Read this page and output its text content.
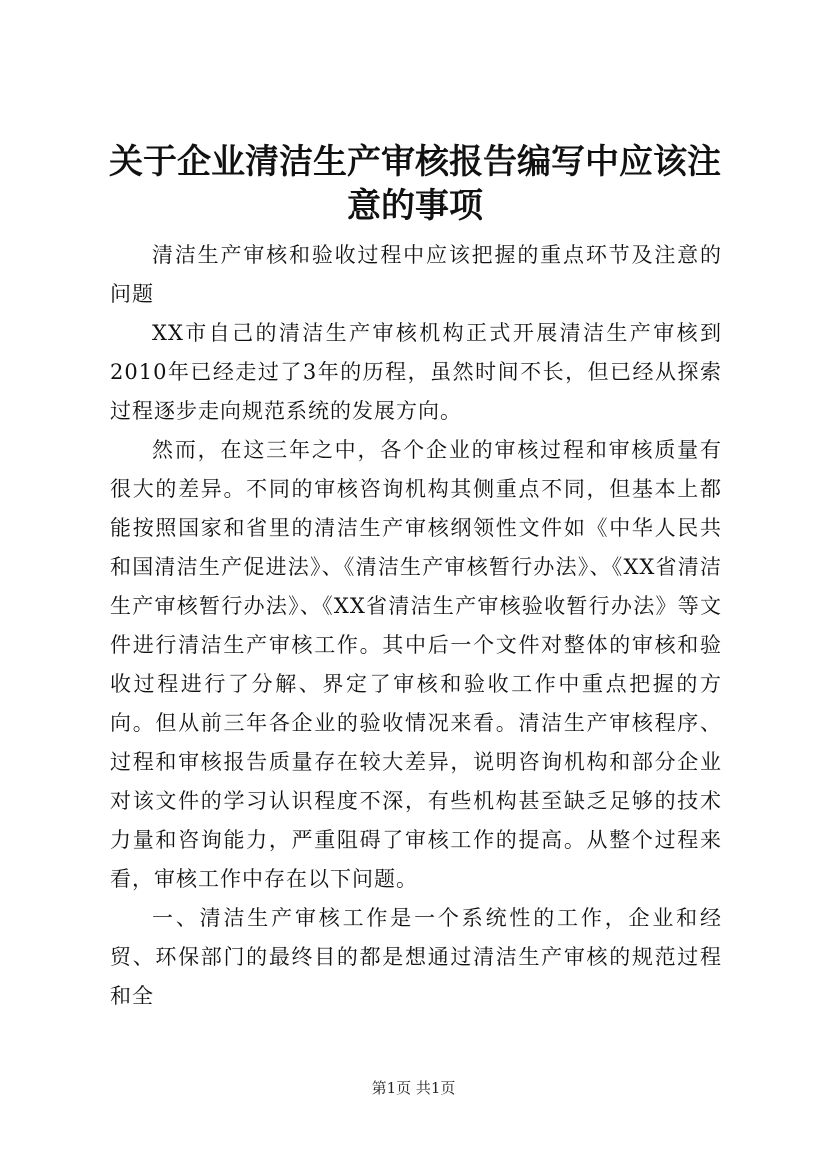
关于企业清洁生产审核报告编写中应该注意的事项

清洁生产审核和验收过程中应该把握的重点环节及注意的问题

XX市自己的清洁生产审核机构正式开展清洁生产审核到2010年已经走过了3年的历程，虽然时间不长，但已经从探索过程逐步走向规范系统的发展方向。

然而，在这三年之中，各个企业的审核过程和审核质量有很大的差异。不同的审核咨询机构其侧重点不同，但基本上都能按照国家和省里的清洁生产审核纲领性文件如《中华人民共和国清洁生产促进法》、《清洁生产审核暂行办法》、《XX省清洁生产审核暂行办法》、《XX省清洁生产审核验收暂行办法》等文件进行清洁生产审核工作。其中后一个文件对整体的审核和验收过程进行了分解、界定了审核和验收工作中重点把握的方向。但从前三年各企业的验收情况来看。清洁生产审核程序、过程和审核报告质量存在较大差异，说明咨询机构和部分企业对该文件的学习认识程度不深，有些机构甚至缺乏足够的技术力量和咨询能力，严重阻碍了审核工作的提高。从整个过程来看，审核工作中存在以下问题。

一、清洁生产审核工作是一个系统性的工作，企业和经贸、环保部门的最终目的都是想通过清洁生产审核的规范过程和全

第1页 共1页
